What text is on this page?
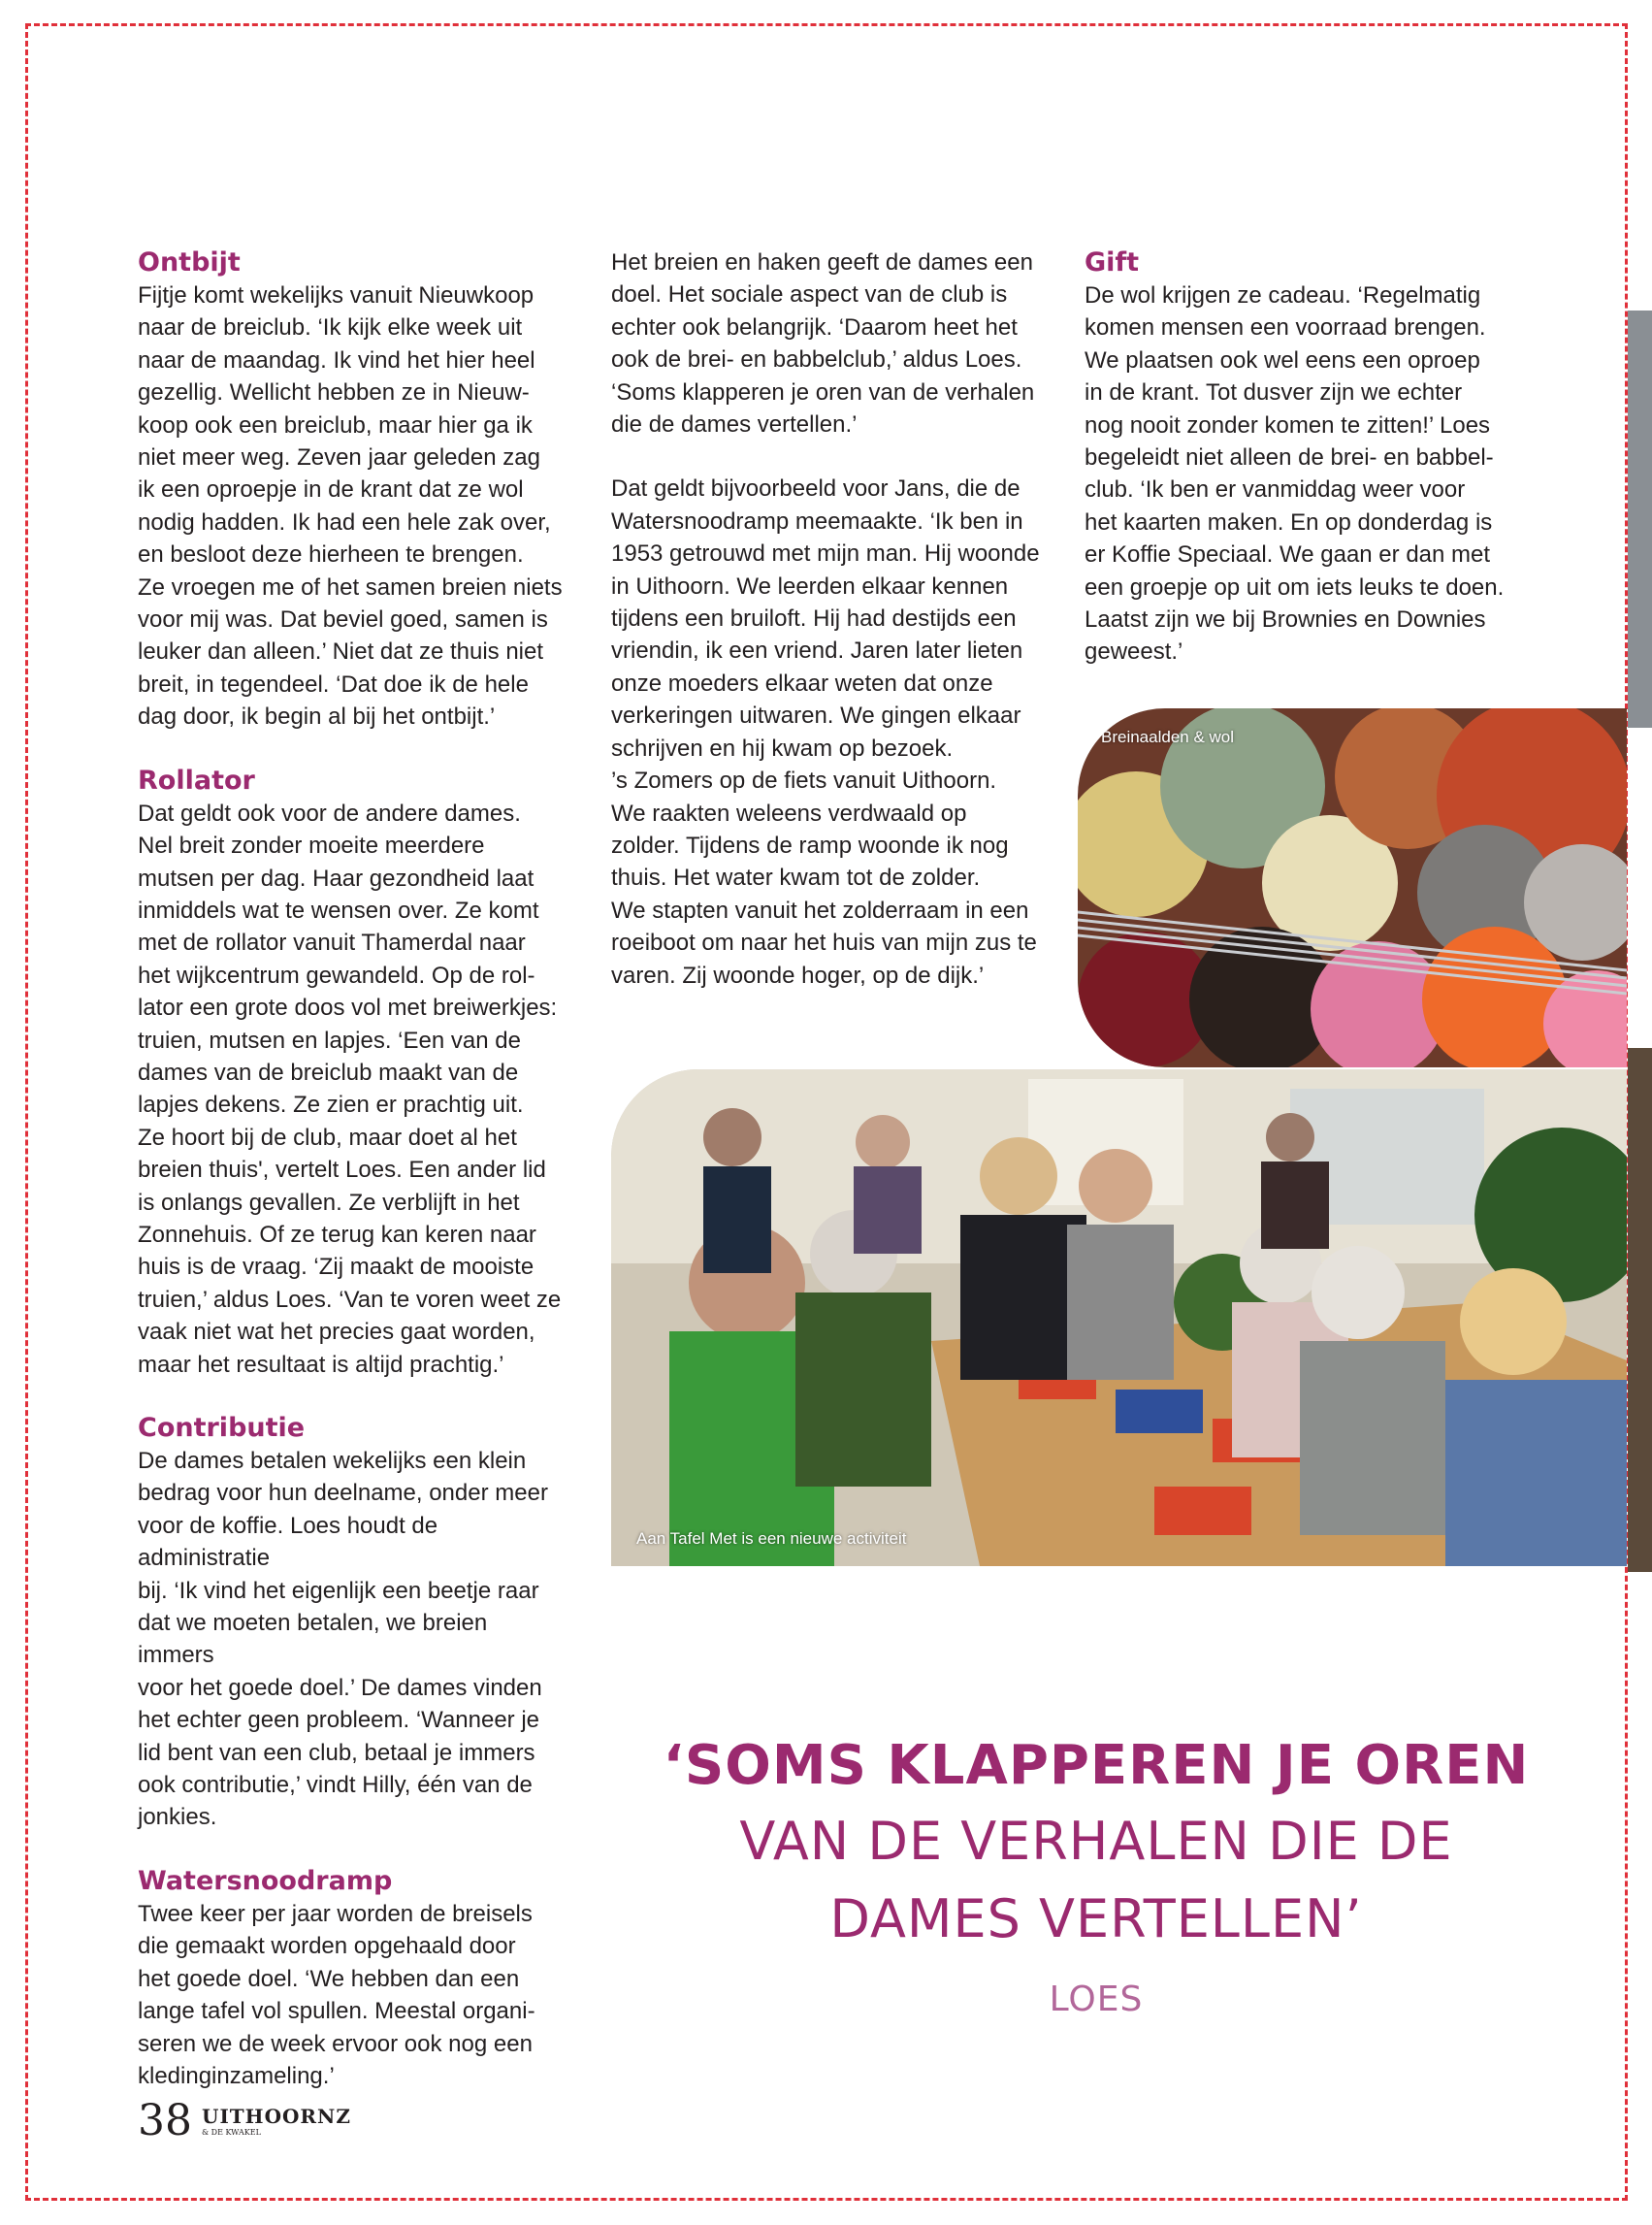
Ontbijt

Fijtje komt wekelijks vanuit Nieuwkoop
naar de breiclub. ‘Ik kijk elke week uit
naar de maandag. Ik vind het hier heel
gezellig. Wellicht hebben ze in Nieuw-
koop ook een breiclub, maar hier ga ik
niet meer weg. Zeven jaar geleden zag
ik een oproepje in de krant dat ze wol
nodig hadden. Ik had een hele zak over,
en besloot deze hierheen te brengen.
Ze vroegen me of het samen breien niets
voor mij was. Dat beviel goed, samen is
leuker dan alleen.’ Niet dat ze thuis niet
breit, in tegendeel. ‘Dat doe ik de hele
dag door, ik begin al bij het ontbijt.’

Rollator

Dat geldt ook voor de andere dames.
Nel breit zonder moeite meerdere
mutsen per dag. Haar gezondheid laat
inmiddels wat te wensen over. Ze komt
met de rollator vanuit Thamerdal naar
het wijkcentrum gewandeld. Op de rol-
lator een grote doos vol met breiwerkjes:
truien, mutsen en lapjes. ‘Een van de
dames van de breiclub maakt van de
lapjes dekens. Ze zien er prachtig uit.
Ze hoort bij de club, maar doet al het
breien thuis', vertelt Loes. Een ander lid
is onlangs gevallen. Ze verblijft in het
Zonnehuis. Of ze terug kan keren naar
huis is de vraag. ‘Zij maakt de mooiste
truien,’ aldus Loes. ‘Van te voren weet ze
vaak niet wat het precies gaat worden,
maar het resultaat is altijd prachtig.’

Contributie

De dames betalen wekelijks een klein
bedrag voor hun deelname, onder meer
voor de koffie. Loes houdt de administratie
bij. ‘Ik vind het eigenlijk een beetje raar
dat we moeten betalen, we breien immers
voor het goede doel.’ De dames vinden
het echter geen probleem. ‘Wanneer je
lid bent van een club, betaal je immers
ook contributie,’ vindt Hilly, één van de
jonkies.

Watersnoodramp

Twee keer per jaar worden de breisels
die gemaakt worden opgehaald door
het goede doel. ‘We hebben dan een
lange tafel vol spullen. Meestal organi-
seren we de week ervoor ook nog een
kledinginzameling.’

Het breien en haken geeft de dames een
doel. Het sociale aspect van de club is
echter ook belangrijk. ‘Daarom heet het
ook de brei- en babbelclub,’ aldus Loes.
‘Soms klapperen je oren van de verhalen
die de dames vertellen.’

Dat geldt bijvoorbeeld voor Jans, die de
Watersnoodramp meemaakte. ‘Ik ben in
1953 getrouwd met mijn man. Hij woonde
in Uithoorn. We leerden elkaar kennen
tijdens een bruiloft. Hij had destijds een
vriendin, ik een vriend. Jaren later lieten
onze moeders elkaar weten dat onze
verkeringen uitwaren. We gingen elkaar
schrijven en hij kwam op bezoek.
’s Zomers op de fiets vanuit Uithoorn.
We raakten weleens verdwaald op
zolder. Tijdens de ramp woonde ik nog
thuis. Het water kwam tot de zolder.
We stapten vanuit het zolderraam in een
roeiboot om naar het huis van mijn zus te
varen. Zij woonde hoger, op de dijk.’

Gift

De wol krijgen ze cadeau. ‘Regelmatig
komen mensen een voorraad brengen.
We plaatsen ook wel eens een oproep
in de krant. Tot dusver zijn we echter
nog nooit zonder komen te zitten!’ Loes
begeleidt niet alleen de brei- en babbel-
club. ‘Ik ben er vanmiddag weer voor
het kaarten maken. En op donderdag is
er Koffie Speciaal. We gaan er dan met
een groepje op uit om iets leuks te doen.
Laatst zijn we bij Brownies en Downies
geweest.’

Breinaalden & wol
Aan Tafel Met is een nieuwe activiteit
‘SOMS KLAPPEREN JE OREN
VAN DE VERHALEN DIE DE
DAMES VERTELLEN’
LOES
38 UITHOORNZ
& DE KWAKEL
